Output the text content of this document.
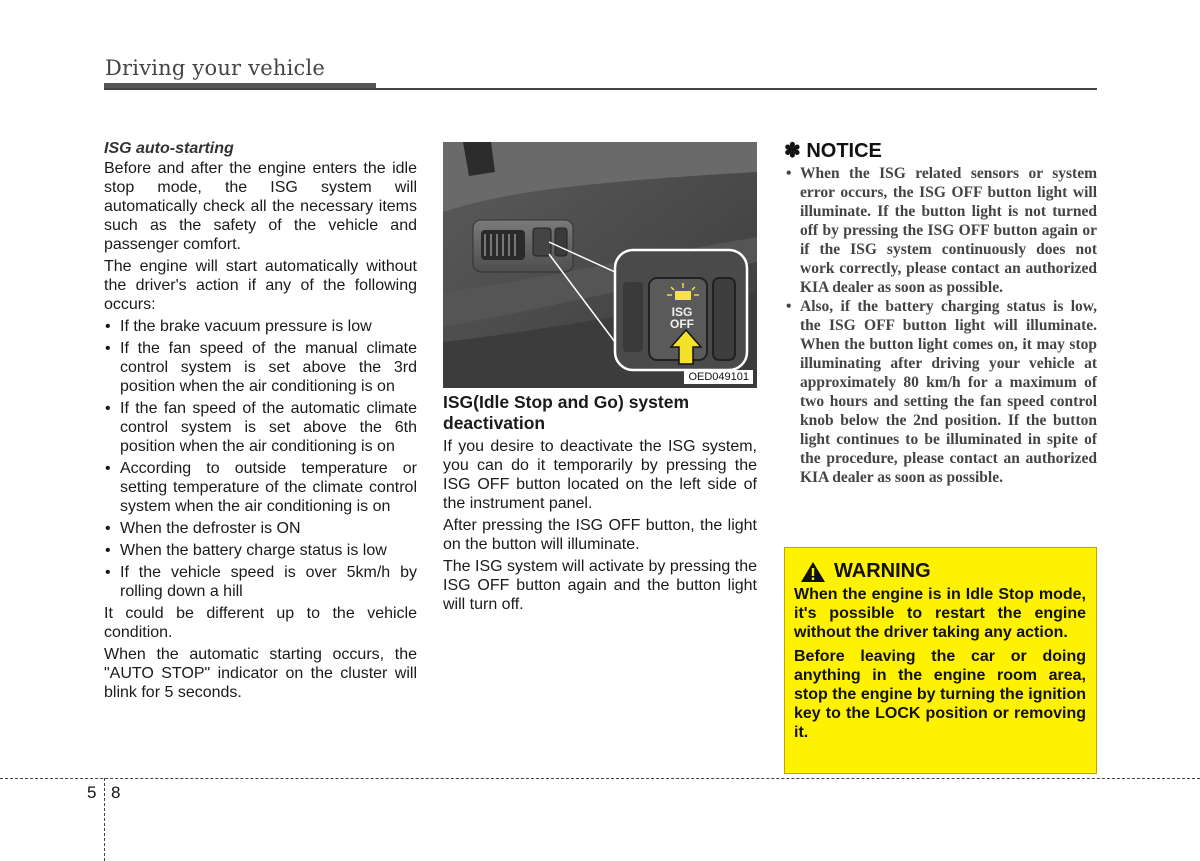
Driving your vehicle

ISG auto-starting

Before and after the engine enters the idle stop mode, the ISG system will automatically check all the necessary items such as the safety of the vehicle and passenger comfort.

The engine will start automatically without the driver's action if any of the following occurs:

• If the brake vacuum pressure is low
• If the fan speed of the manual climate control system is set above the 3rd position when the air conditioning is on
• If the fan speed of the automatic climate control system is set above the 6th position when the air conditioning is on
• According to outside temperature or setting temperature of the climate control system when the air conditioning is on
• When the defroster is ON
• When the battery charge status is low
• If the vehicle speed is over 5km/h by rolling down a hill

It could be different up to the vehicle condition.

When the automatic starting occurs, the "AUTO STOP" indicator on the cluster will blink for 5 seconds.

ISG
OFF
OED049101

ISG(Idle Stop and Go) system deactivation

If you desire to deactivate the ISG system, you can do it temporarily by pressing the ISG OFF button located on the left side of the instrument panel.

After pressing the ISG OFF button, the light on the button will illuminate.

The ISG system will activate by pressing the ISG OFF button again and the button light will turn off.

✽ NOTICE

• When the ISG related sensors or system error occurs, the ISG OFF button light will illuminate. If the button light is not turned off by pressing the ISG OFF button again or if the ISG system continuously does not work correctly, please contact an authorized KIA dealer as soon as possible.
• Also, if the battery charging status is low, the ISG OFF button light will illuminate. When the button light comes on, it may stop illuminating after driving your vehicle at approximately 80 km/h for a maximum of two hours and setting the fan speed control knob below the 2nd position. If the button light continues to be illuminated in spite of the procedure, please contact an authorized KIA dealer as soon as possible.
WARNING

When the engine is in Idle Stop mode, it's possible to restart the engine without the driver taking any action.

Before leaving the car or doing anything in the engine room area, stop the engine by turning the ignition key to the LOCK position or removing it.

5 8
